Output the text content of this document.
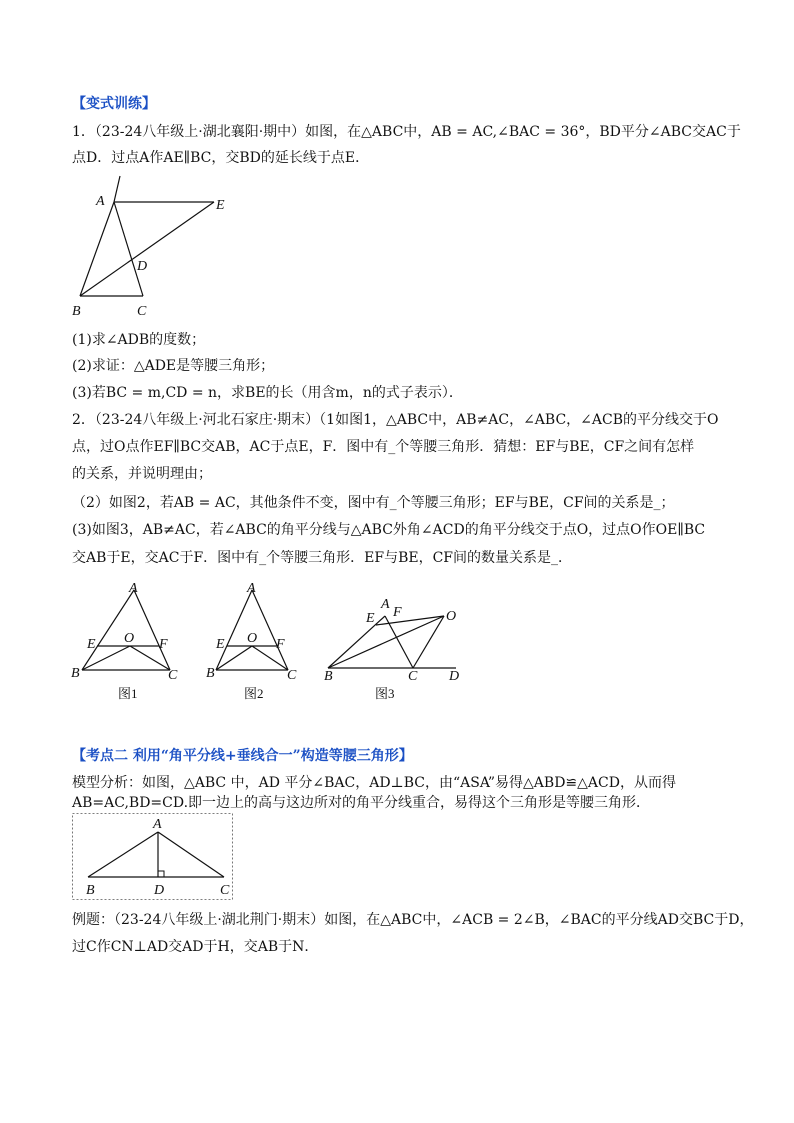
【变式训练】
1．（23-24八年级上·湖北襄阳·期中）如图，在△ABC中，AB = AC,∠BAC = 36°，BD平分∠ABC交AC于
点D．过点A作AE∥BC，交BD的延长线于点E．
A	E
D
B	C
(1)求∠ADB的度数；
(2)求证：△ADE是等腰三角形；
(3)若BC = m,CD = n，求BE的长（用含m，n的式子表示）．
2．（23-24八年级上·河北石家庄·期末）（1如图1，△ABC中，AB≠AC，∠ABC，∠ACB的平分线交于O
点，过O点作EF∥BC交AB，AC于点E，F．图中有_个等腰三角形．猜想：EF与BE，CF之间有怎样
的关系，并说明理由；
（2）如图2，若AB = AC，其他条件不变，图中有_个等腰三角形；EF与BE，CF间的关系是_；
(3)如图3，AB≠AC，若∠ABC的角平分线与△ABC外角∠ACD的角平分线交于点O，过点O作OE∥BC
交AB于E，交AC于F．图中有_个等腰三角形．EF与BE，CF间的数量关系是_．
A
E O F
B	C
图1
A
E O F
B	C
图2
A
E F	O
B	C D
图3
【考点二 利用“角平分线+垂线合一”构造等腰三角形】
模型分析：如图，△ABC 中，AD 平分∠BAC，AD⊥BC，由“ASA”易得△ABD≌△ACD，从而得
AB=AC,BD=CD.即一边上的高与这边所对的角平分线重合，易得这个三角形是等腰三角形．
A
B	D	C
例题：（23-24八年级上·湖北荆门·期末）如图，在△ABC中，∠ACB = 2∠B，∠BAC的平分线AD交BC于D，
过C作CN⊥AD交AD于H，交AB于N．
